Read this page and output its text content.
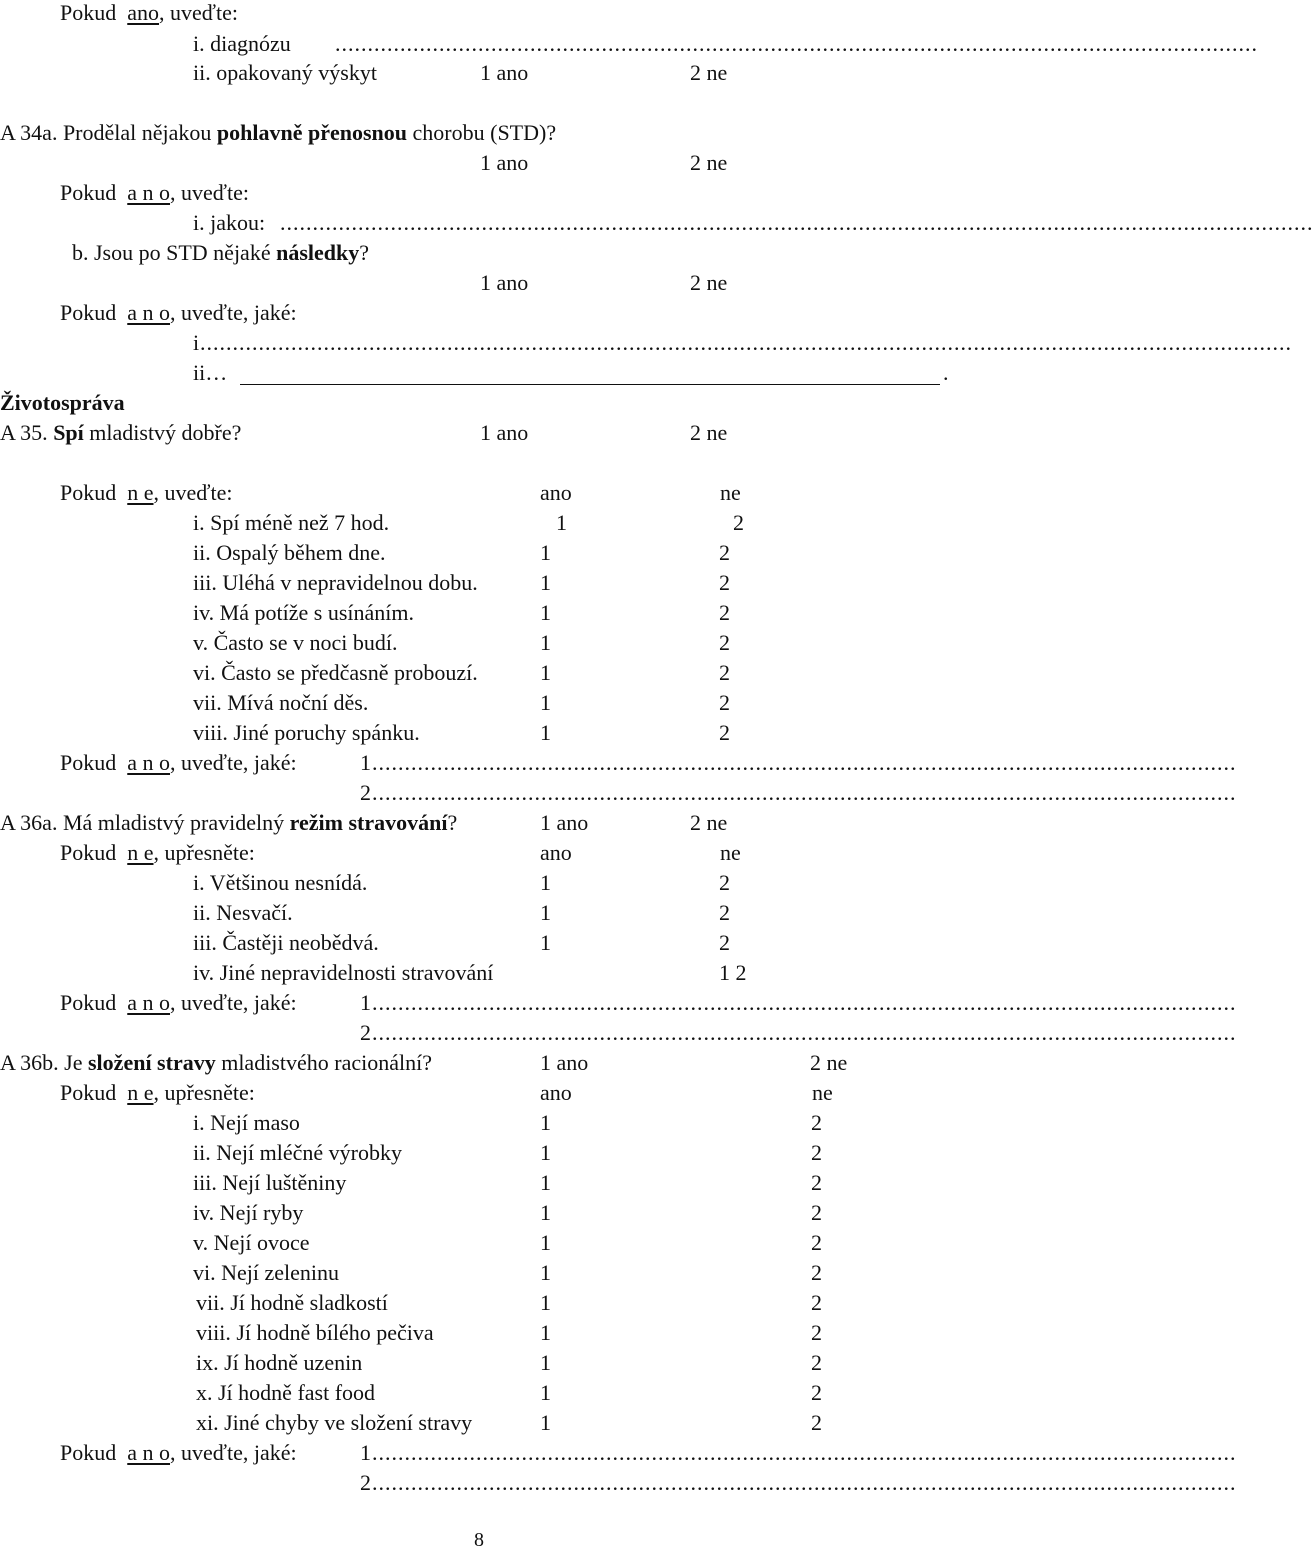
Pokud ano, uveďte:
i. diagnózu ..............................................................................................................................................
ii. opakovaný výskyt	1 ano	2 ne
A 34a. Prodělal nějakou pohlavně přenosnou chorobu (STD)?
1 ano	2 ne
Pokud a n o, uveďte:
i. jakou: ...............................................................................................................................................................
b. Jsou po STD nějaké následky?
1 ano	2 ne
Pokud a n o, uveďte, jaké:
i ........................................................................................................................................................................
ii…	.
Životospráva
A 35. Spí mladistvý dobře?	1 ano	2 ne
Pokud n e, uveďte:	ano	ne
i. Spí méně než 7 hod.	1	2
ii. Ospalý během dne.	1	2
iii. Uléhá v nepravidelnou dobu.	1	2
iv. Má potíže s usínáním.	1	2
v. Často se v noci budí.	1	2
vi. Často se předčasně probouzí.	1	2
vii. Mívá noční děs.	1	2
viii. Jiné poruchy spánku.	1	2
Pokud a n o, uveďte, jaké:	1 .....................................................................................................................................
2 .....................................................................................................................................
A 36a. Má mladistvý pravidelný režim stravování?	1 ano	2 ne
Pokud n e, upřesněte:	ano	ne
i. Většinou nesnídá.	1	2
ii. Nesvačí.	1	2
iii. Častěji neobědvá.	1	2
iv. Jiné nepravidelnosti stravování	1 2
Pokud a n o, uveďte, jaké:	1 .....................................................................................................................................
2 .....................................................................................................................................
A 36b. Je složení stravy mladistvého racionální?	1 ano	2 ne
Pokud n e, upřesněte:	ano	ne
i. Nejí maso	1	2
ii. Nejí mléčné výrobky	1	2
iii. Nejí luštěniny	1	2
iv. Nejí ryby	1	2
v. Nejí ovoce	1	2
vi. Nejí zeleninu	1	2
vii. Jí hodně sladkostí	1	2
viii. Jí hodně bílého pečiva	1	2
ix. Jí hodně uzenin	1	2
x. Jí hodně fast food	1	2
xi. Jiné chyby ve složení stravy	1	2
Pokud a n o, uveďte, jaké:	1 .....................................................................................................................................
2 .....................................................................................................................................
8
